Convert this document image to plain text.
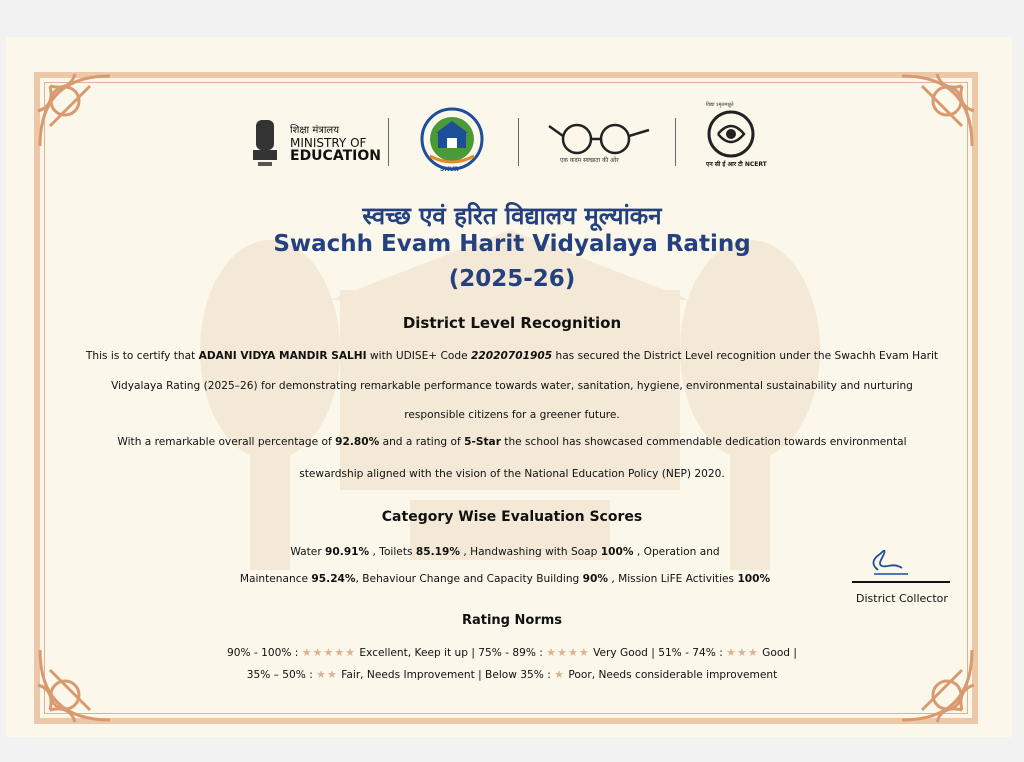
शिक्षा मंत्रालय
MINISTRY OF
EDUCATION
SHVR
एक कदम स्वच्छता की ओर
विद्या ऽमृतमश्नुते
एन सी ई आर टी NCERT
स्वच्छ एवं हरित विद्यालय मूल्यांकन
Swachh Evam Harit Vidyalaya Rating
(2025-26)
District Level Recognition
This is to certify that ADANI VIDYA MANDIR SALHI with UDISE+ Code 22020701905 has secured the District Level recognition under the Swachh Evam Harit
Vidyalaya Rating (2025–26) for demonstrating remarkable performance towards water, sanitation, hygiene, environmental sustainability and nurturing
responsible citizens for a greener future.
With a remarkable overall percentage of 92.80% and a rating of 5-Star the school has showcased commendable dedication towards environmental
stewardship aligned with the vision of the National Education Policy (NEP) 2020.
Category Wise Evaluation Scores
Water 90.91% , Toilets 85.19% , Handwashing with Soap 100% , Operation and
Maintenance 95.24%, Behaviour Change and Capacity Building 90% , Mission LiFE Activities 100%
District Collector
Rating Norms
90% - 100% : ★★★★★ Excellent, Keep it up | 75% - 89% : ★★★★ Very Good | 51% - 74% : ★★★ Good |
35% – 50% : ★★ Fair, Needs Improvement | Below 35% : ★ Poor, Needs considerable improvement
